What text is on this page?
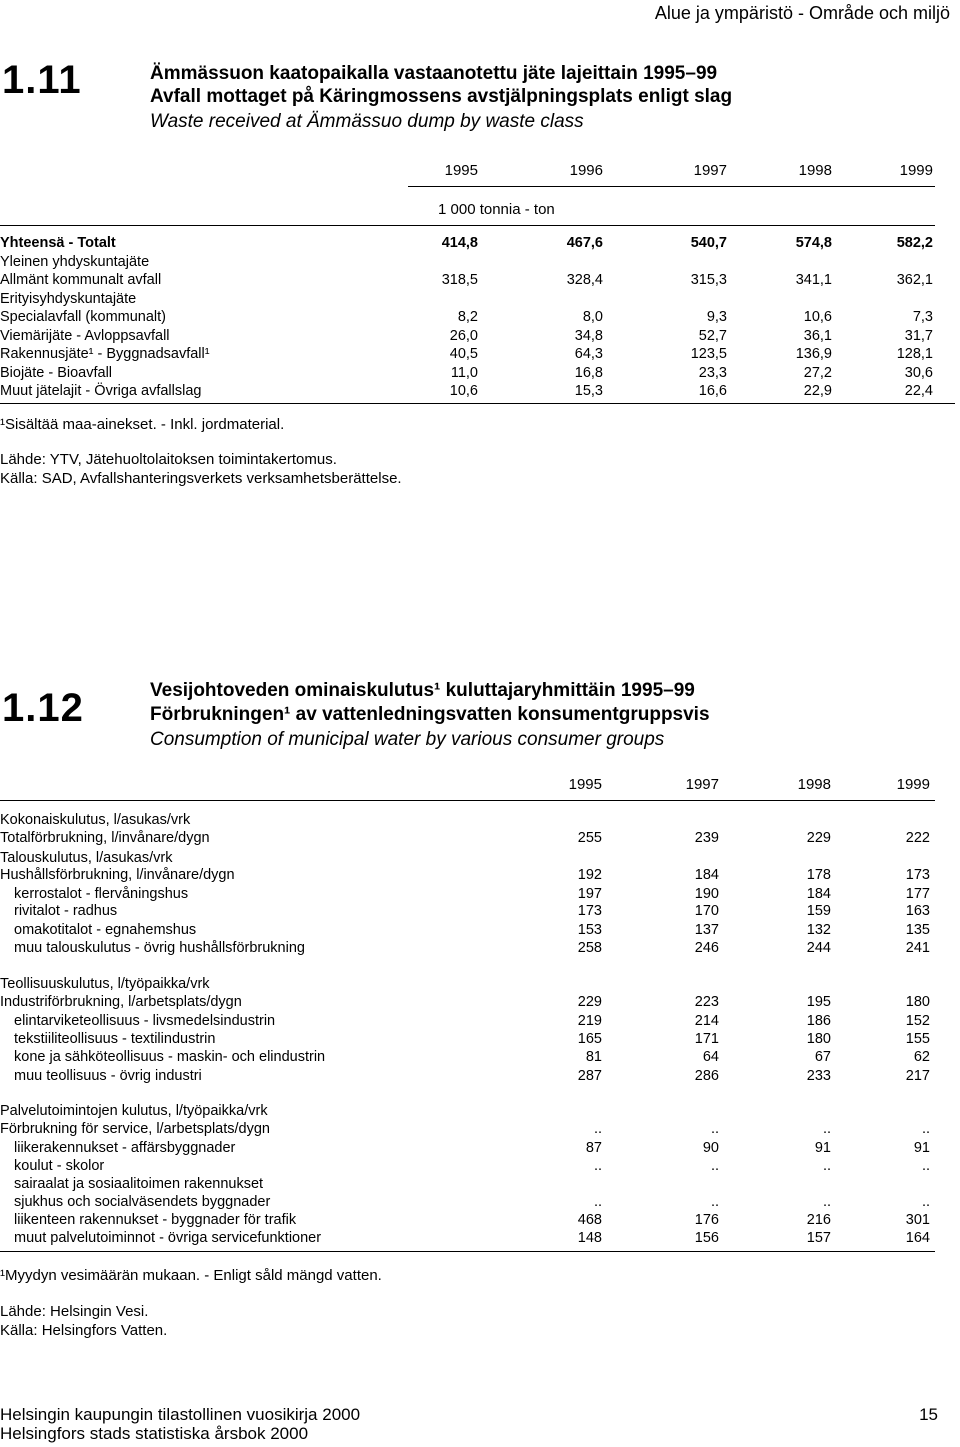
Alue ja ympäristö - Område och miljö
1.11	Ämmässuon kaatopaikalla vastaanotettu jäte lajeittain 1995–99
Avfall mottaget på Käringmossens avstjälpningsplats enligt slag
Waste received at Ämmässuo dump by waste class
1995	1996	1997	1998	1999
1 000 tonnia - ton
Yhteensä - Totalt	414,8	467,6	540,7	574,8	582,2
Yleinen yhdyskuntajäte
Allmänt kommunalt avfall	318,5	328,4	315,3	341,1	362,1
Erityisyhdyskuntajäte
Specialavfall (kommunalt)	8,2	8,0	9,3	10,6	7,3
Viemärijäte - Avloppsavfall	26,0	34,8	52,7	36,1	31,7
Rakennusjäte¹ - Byggnadsavfall¹	40,5	64,3	123,5	136,9	128,1
Biojäte - Bioavfall	11,0	16,8	23,3	27,2	30,6
Muut jätelajit - Övriga avfallslag	10,6	15,3	16,6	22,9	22,4
¹Sisältää maa-ainekset. - Inkl. jordmaterial.
Lähde: YTV, Jätehuoltolaitoksen toimintakertomus.
Källa: SAD, Avfallshanteringsverkets verksamhetsberättelse.
1.12	Vesijohtoveden ominaiskulutus¹ kuluttajaryhmittäin 1995–99
Förbrukningen¹ av vattenledningsvatten konsumentgruppsvis
Consumption of municipal water by various consumer groups
1995	1997	1998	1999
Kokonaiskulutus, l/asukas/vrk
Totalförbrukning, l/invånare/dygn	255	239	229	222
Talouskulutus, l/asukas/vrk
Hushållsförbrukning, l/invånare/dygn	192	184	178	173
kerrostalot - flervåningshus	197	190	184	177
rivitalot - radhus	173	170	159	163
omakotitalot - egnahemshus	153	137	132	135
muu talouskulutus - övrig hushållsförbrukning	258	246	244	241
Teollisuuskulutus, l/työpaikka/vrk
Industriförbrukning, l/arbetsplats/dygn	229	223	195	180
elintarviketeollisuus - livsmedelsindustrin	219	214	186	152
tekstiiliteollisuus - textilindustrin	165	171	180	155
kone ja sähköteollisuus - maskin- och elindustrin	81	64	67	62
muu teollisuus - övrig industri	287	286	233	217
Palvelutoimintojen kulutus, l/työpaikka/vrk
Förbrukning för service, l/arbetsplats/dygn	..	..	..	..
liikerakennukset - affärsbyggnader	87	90	91	91
koulut - skolor	..	..	..	..
sairaalat ja sosiaalitoimen rakennukset
sjukhus och socialväsendets byggnader	..	..	..	..
liikenteen rakennukset - byggnader för trafik	468	176	216	301
muut palvelutoiminnot - övriga servicefunktioner	148	156	157	164
¹Myydyn vesimäärän mukaan. - Enligt såld mängd vatten.
Lähde: Helsingin Vesi.
Källa: Helsingfors Vatten.
Helsingin kaupungin tilastollinen vuosikirja 2000
Helsingfors stads statistiska årsbok 2000
15
